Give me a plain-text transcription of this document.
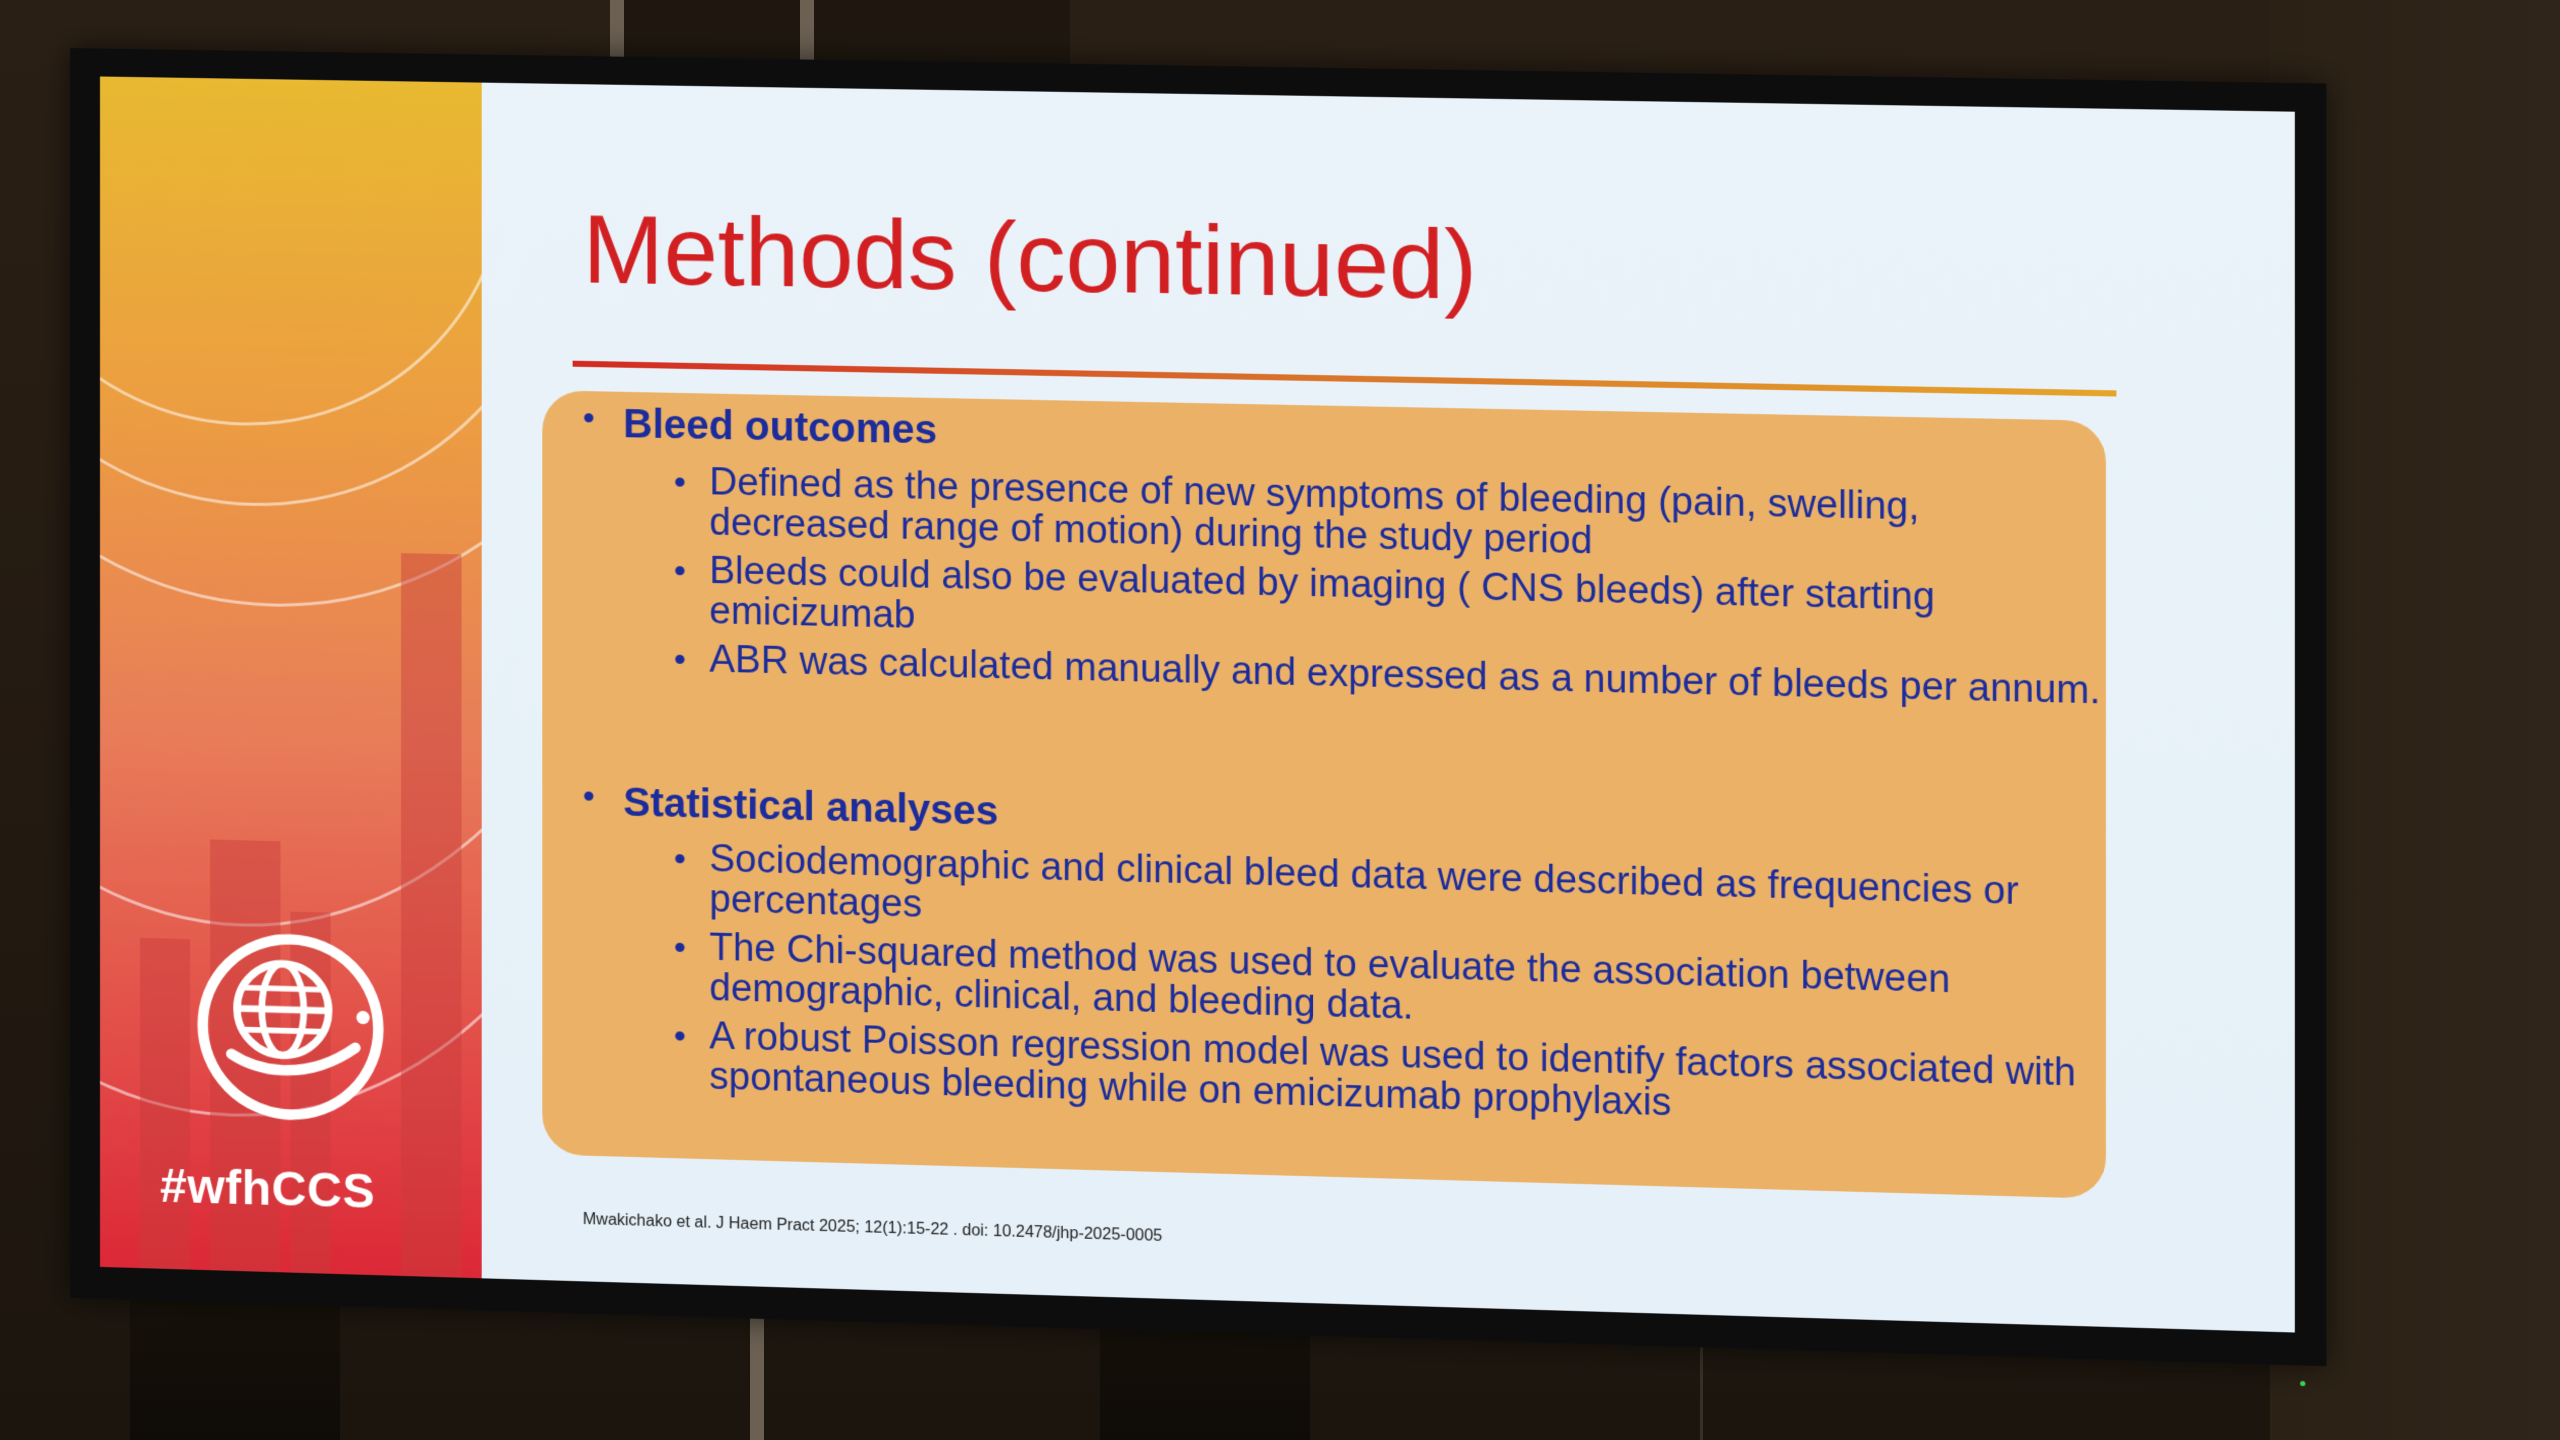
#wfhCCS
Methods (continued)
• Bleed outcomes
• Defined as the presence of new symptoms of bleeding (pain, swelling, decreased range of motion) during the study period
• Bleeds could also be evaluated by imaging ( CNS bleeds) after starting emicizumab
• ABR was calculated manually and expressed as a number of bleeds per annum.
• Statistical analyses
• Sociodemographic and clinical bleed data were described as frequencies or percentages
• The Chi-squared method was used to evaluate the association between demographic, clinical, and bleeding data.
• A robust Poisson regression model was used to identify factors associated with spontaneous bleeding while on emicizumab prophylaxis
Mwakichako et al. J Haem Pract 2025; 12(1):15-22 . doi: 10.2478/jhp-2025-0005
